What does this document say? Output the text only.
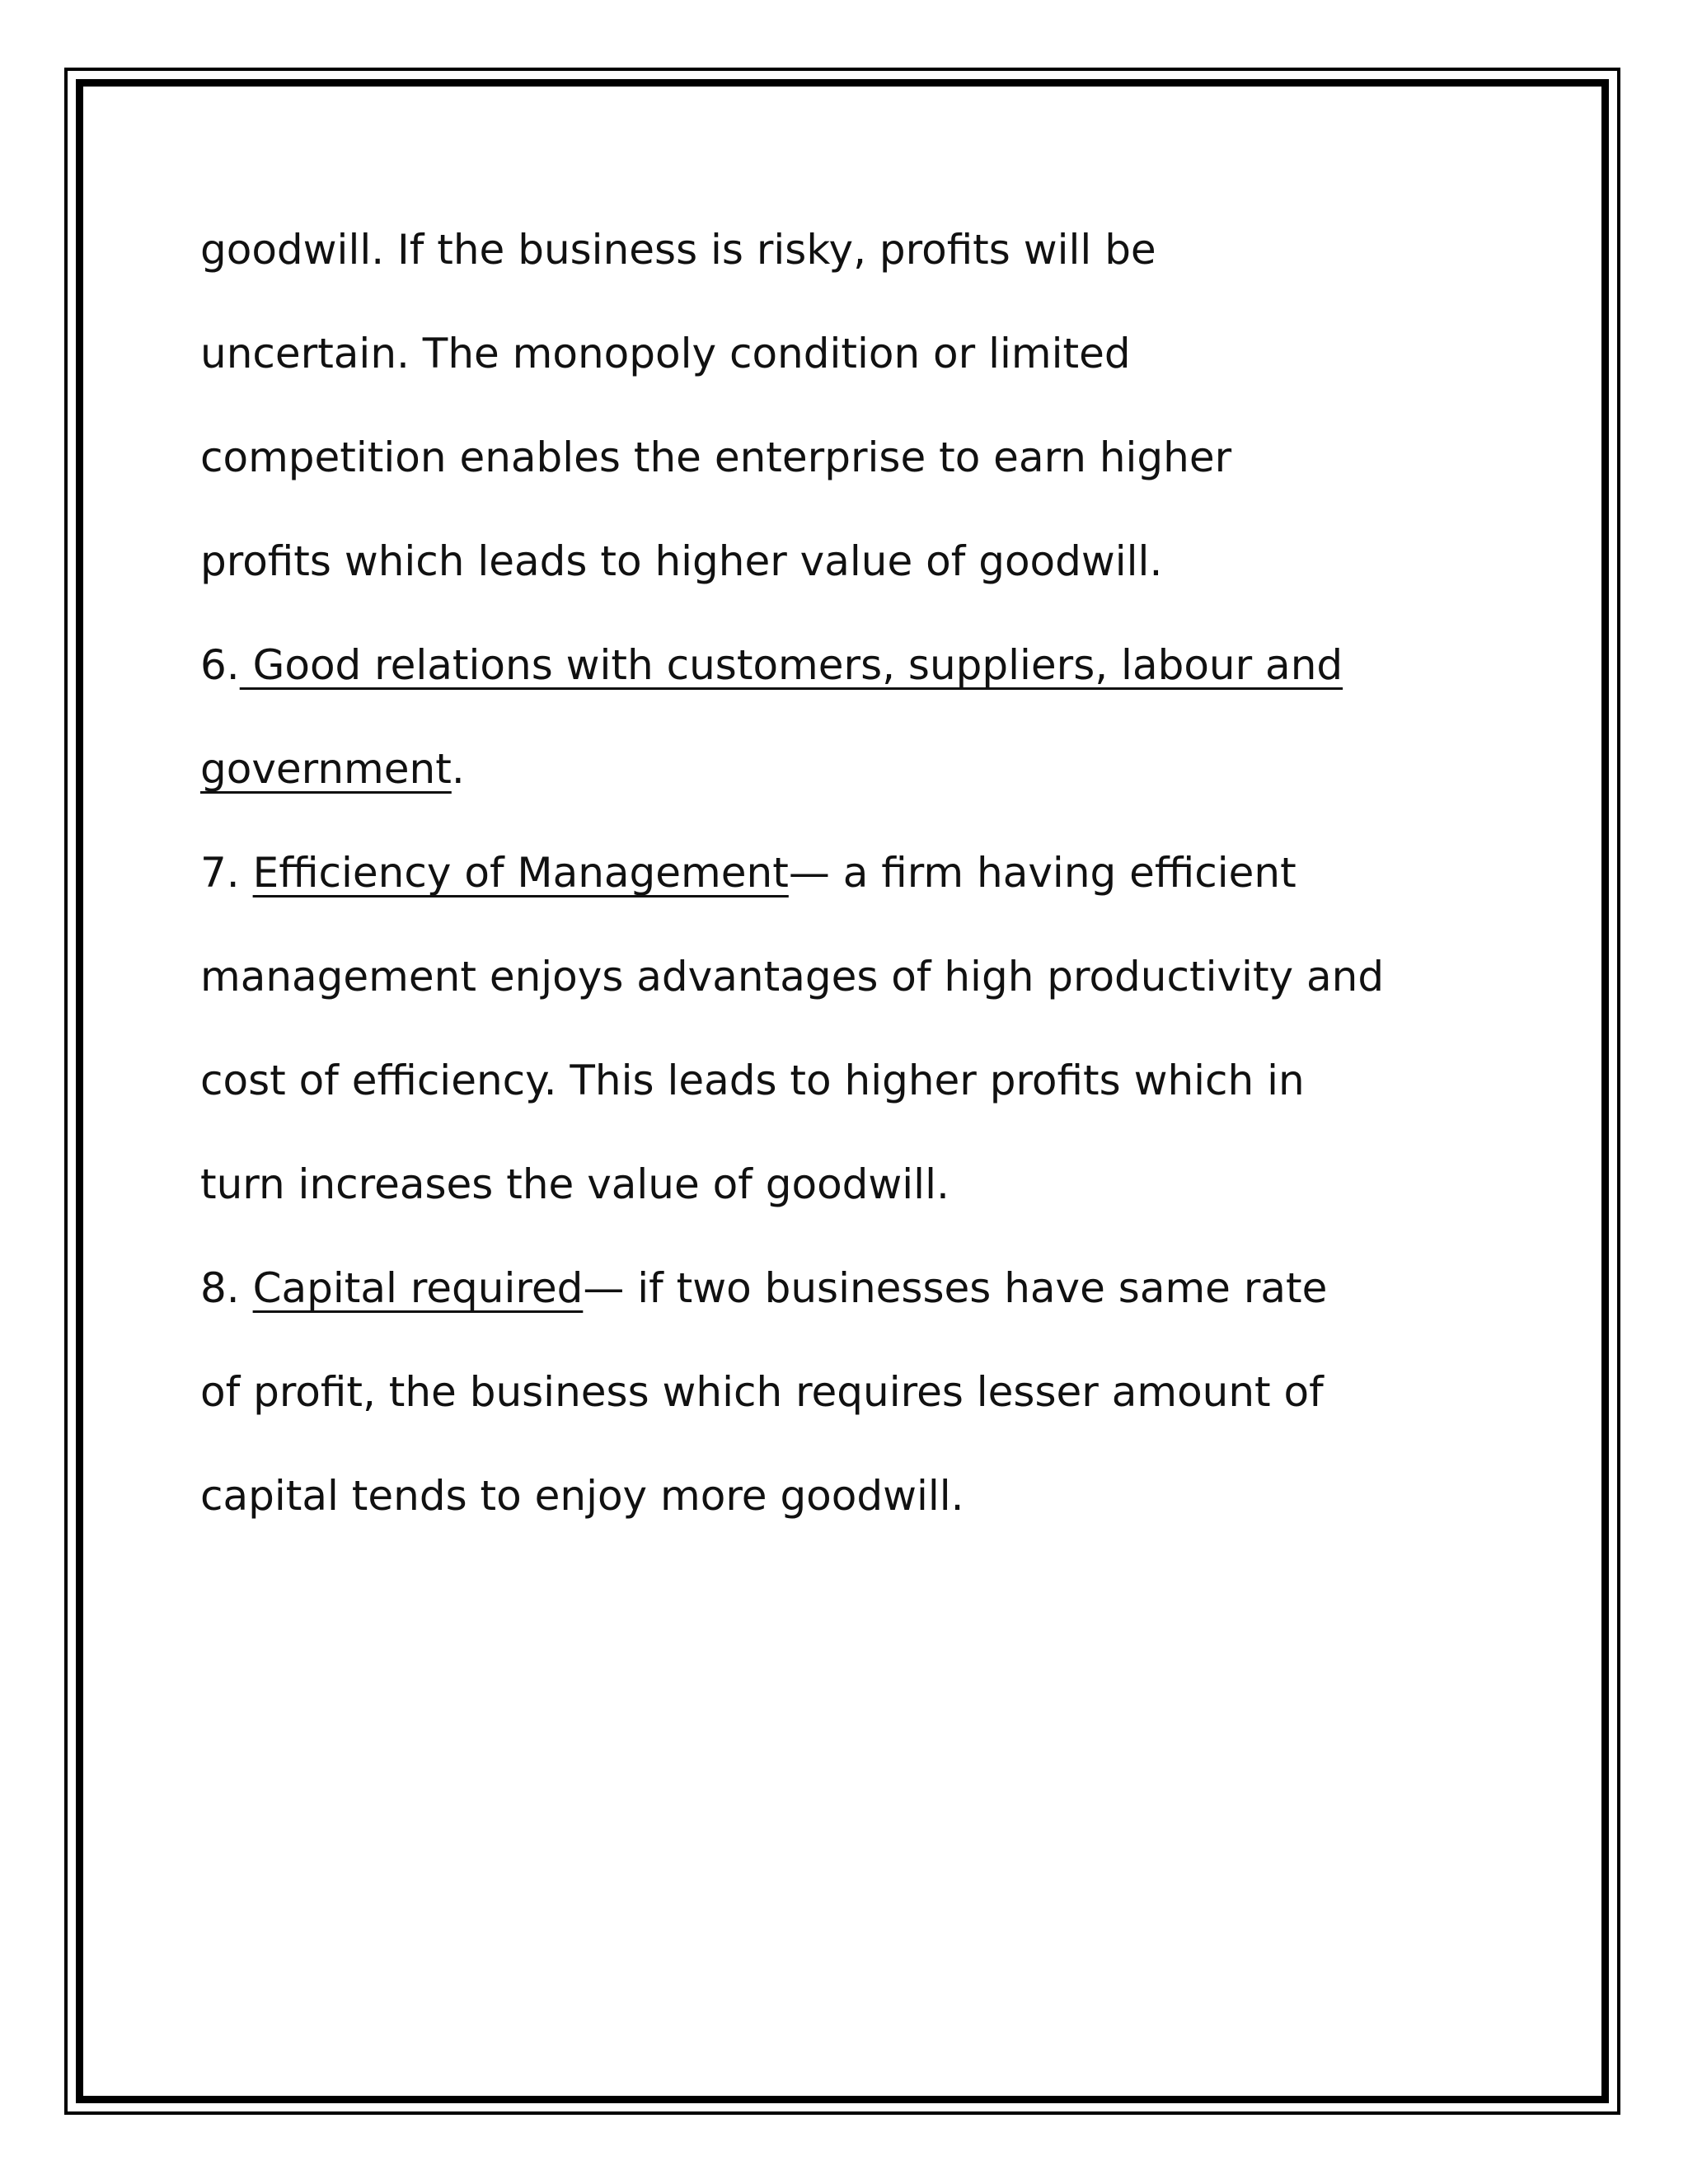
goodwill. If the business is risky, profits will be
uncertain. The monopoly condition or limited
competition enables the enterprise to earn higher
profits which leads to higher value of goodwill.
6. Good relations with customers, suppliers, labour and
government.
7. Efficiency of Management— a firm having efficient
management enjoys advantages of high productivity and
cost of efficiency. This leads to higher profits which in
turn increases the value of goodwill.
8. Capital required— if two businesses have same rate
of profit, the business which requires lesser amount of
capital tends to enjoy more goodwill.
